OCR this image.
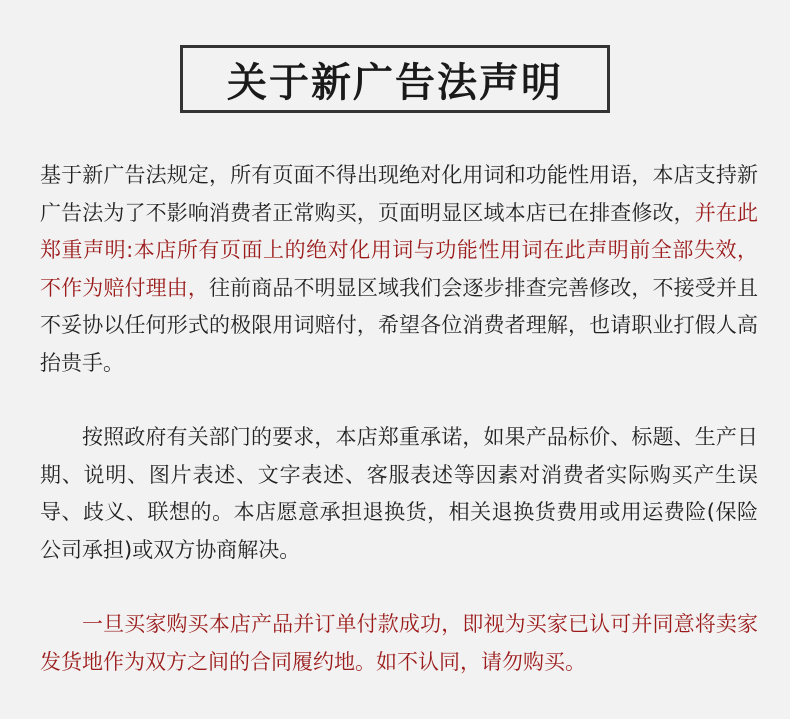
关于新广告法声明

基于新广告法规定，所有页面不得出现绝对化用词和功能性用语，本店支持新广告法为了不影响消费者正常购买，页面明显区域本店已在排查修改，并在此郑重声明:本店所有页面上的绝对化用词与功能性用词在此声明前全部失效，不作为赔付理由，往前商品不明显区域我们会逐步排查完善修改，不接受并且不妥协以任何形式的极限用词赔付，希望各位消费者理解，也请职业打假人高抬贵手。

按照政府有关部门的要求，本店郑重承诺，如果产品标价、标题、生产日期、说明、图片表述、文字表述、客服表述等因素对消费者实际购买产生误导、歧义、联想的。本店愿意承担退换货，相关退换货费用或用运费险(保险公司承担)或双方协商解决。

一旦买家购买本店产品并订单付款成功，即视为买家已认可并同意将卖家发货地作为双方之间的合同履约地。如不认同，请勿购买。
